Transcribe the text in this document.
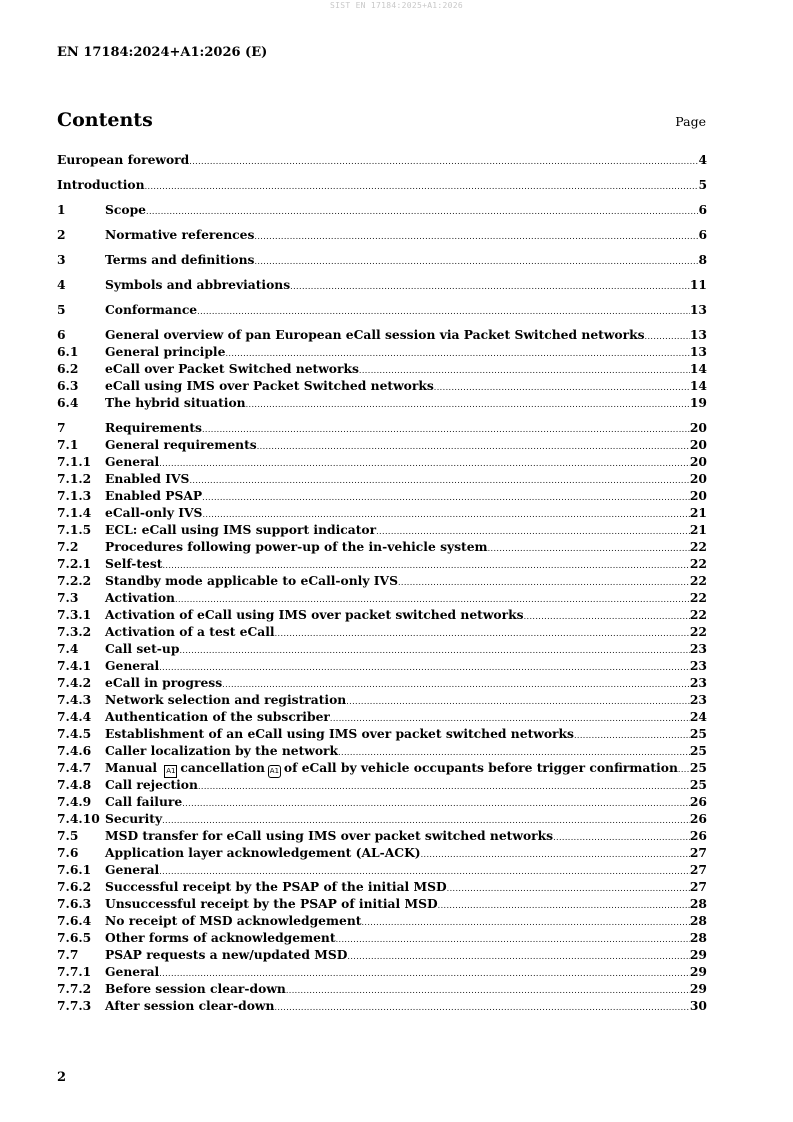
SIST EN 17184:2025+A1:2026
EN 17184:2024+A1:2026 (E)
Contents	Page
European foreword .....	4
Introduction .....	5
1	Scope .....	6
2	Normative references .....	6
3	Terms and definitions .....	8
4	Symbols and abbreviations .....	11
5	Conformance .....	13
6	General overview of pan European eCall session via Packet Switched networks .....	13
6.1	General principle .....	13
6.2	eCall over Packet Switched networks .....	14
6.3	eCall using IMS over Packet Switched networks .....	14
6.4	The hybrid situation .....	19
7	Requirements .....	20
7.1	General requirements .....	20
7.1.1	General .....	20
7.1.2	Enabled IVS .....	20
7.1.3	Enabled PSAP .....	20
7.1.4	eCall-only IVS .....	21
7.1.5	ECL: eCall using IMS support indicator .....	21
7.2	Procedures following power-up of the in-vehicle system .....	22
7.2.1	Self-test .....	22
7.2.2	Standby mode applicable to eCall-only IVS .....	22
7.3	Activation .....	22
7.3.1	Activation of eCall using IMS over packet switched networks .....	22
7.3.2	Activation of a test eCall .....	22
7.4	Call set-up .....	23
7.4.1	General .....	23
7.4.2	eCall in progress .....	23
7.4.3	Network selection and registration .....	23
7.4.4	Authentication of the subscriber .....	24
7.4.5	Establishment of an eCall using IMS over packet switched networks .....	25
7.4.6	Caller localization by the network .....	25
7.4.7	Manual A1 cancellation A1 of eCall by vehicle occupants before trigger confirmation ..... 25
7.4.8	Call rejection .....	25
7.4.9	Call failure .....	26
7.4.10 Security .....	26
7.5	MSD transfer for eCall using IMS over packet switched networks .....	26
7.6	Application layer acknowledgement (AL-ACK) .....	27
7.6.1	General .....	27
7.6.2	Successful receipt by the PSAP of the initial MSD .....	27
7.6.3	Unsuccessful receipt by the PSAP of initial MSD .....	28
7.6.4	No receipt of MSD acknowledgement .....	28
7.6.5	Other forms of acknowledgement .....	28
7.7	PSAP requests a new/updated MSD .....	29
7.7.1	General .....	29
7.7.2	Before session clear-down .....	29
7.7.3	After session clear-down .....	30
2
